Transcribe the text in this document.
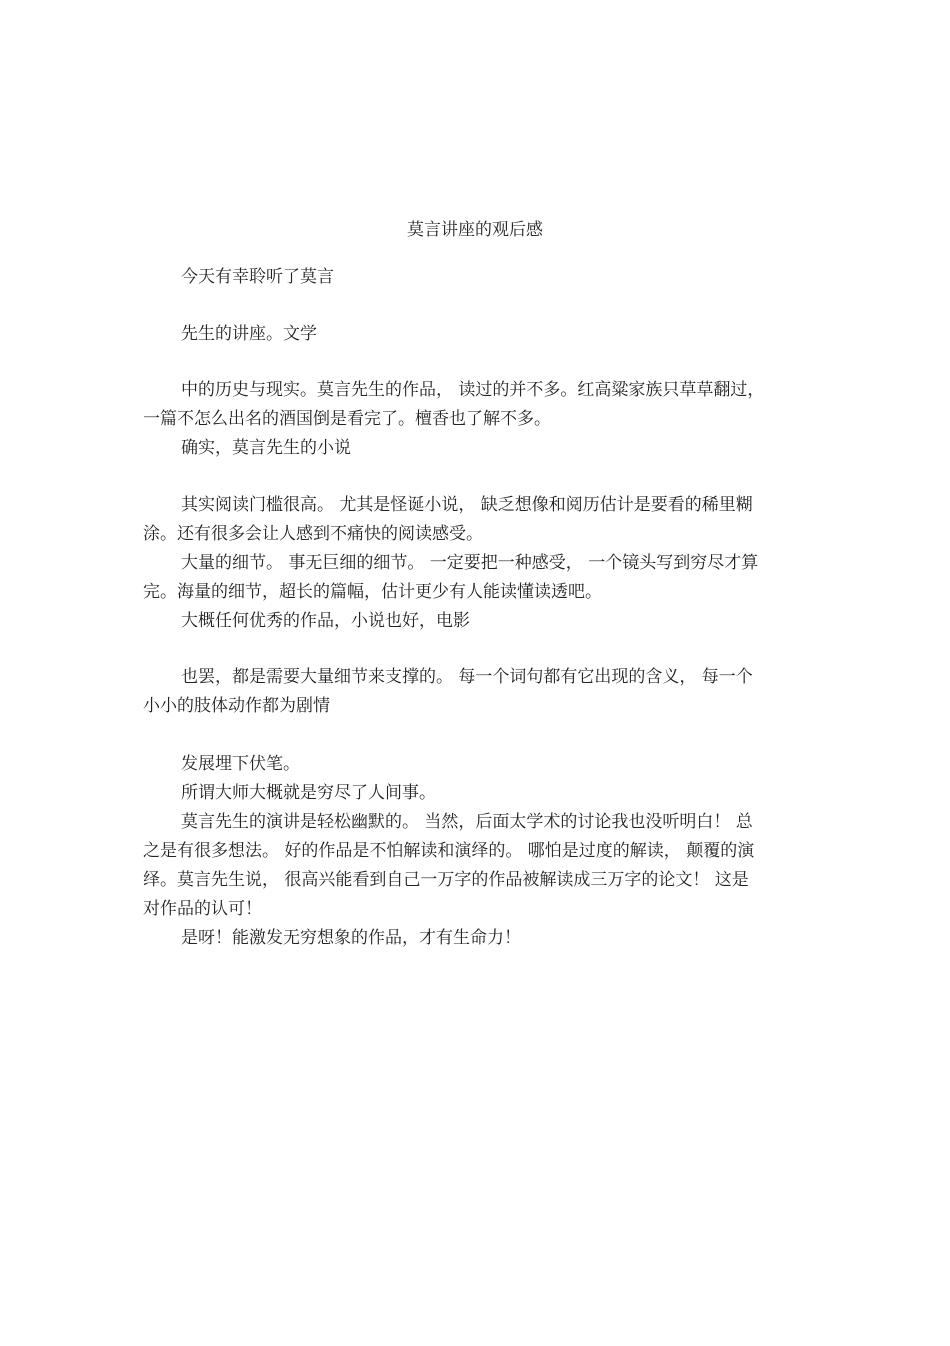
莫言讲座的观后感
今天有幸聆听了莫言
先生的讲座。文学
中的历史与现实。莫言先生的作品， 读过的并不多。红高粱家族只草草翻过，
一篇不怎么出名的酒国倒是看完了。檀香也了解不多。
确实，莫言先生的小说
其实阅读门槛很高。 尤其是怪诞小说， 缺乏想像和阅历估计是要看的稀里糊
涂。还有很多会让人感到不痛快的阅读感受。
大量的细节。 事无巨细的细节。 一定要把一种感受， 一个镜头写到穷尽才算
完。海量的细节，超长的篇幅，估计更少有人能读懂读透吧。
大概任何优秀的作品，小说也好，电影
也罢，都是需要大量细节来支撑的。 每一个词句都有它出现的含义， 每一个
小小的肢体动作都为剧情
发展埋下伏笔。
所谓大师大概就是穷尽了人间事。
莫言先生的演讲是轻松幽默的。 当然，后面太学术的讨论我也没听明白！ 总
之是有很多想法。 好的作品是不怕解读和演绎的。 哪怕是过度的解读， 颠覆的演
绎。莫言先生说， 很高兴能看到自己一万字的作品被解读成三万字的论文！ 这是
对作品的认可！
是呀！能激发无穷想象的作品，才有生命力！
